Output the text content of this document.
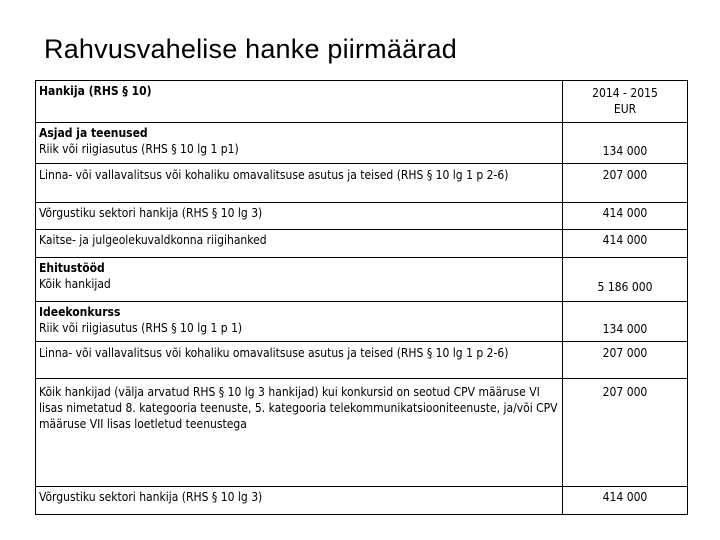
Rahvusvahelise hanke piirmäärad
Hankija (RHS § 10)	2014 - 2015
EUR

Asjad ja teenused
Riik või riigiasutus (RHS § 10 lg 1 p1)	134 000

Linna- või vallavalitsus või kohaliku omavalitsuse asutus ja teised (RHS § 10 lg 1 p 2-6)	207 000

Võrgustiku sektori hankija (RHS § 10 lg 3)	414 000

Kaitse- ja julgeolekuvaldkonna riigihanked	414 000

Ehitustööd
Kõik hankijad	5 186 000

Ideekonkurss
Riik või riigiasutus (RHS § 10 lg 1 p 1)	134 000

Linna- või vallavalitsus või kohaliku omavalitsuse asutus ja teised (RHS § 10 lg 1 p 2-6)	207 000

Kõik hankijad (välja arvatud RHS § 10 lg 3 hankijad) kui konkursid on seotud CPV määruse VI lisas nimetatud 8. kategooria teenuste, 5. kategooria telekommunikatsiooniteenuste, ja/või CPV määruse VII lisas loetletud teenustega	207 000

Võrgustiku sektori hankija (RHS § 10 lg 3)	414 000
